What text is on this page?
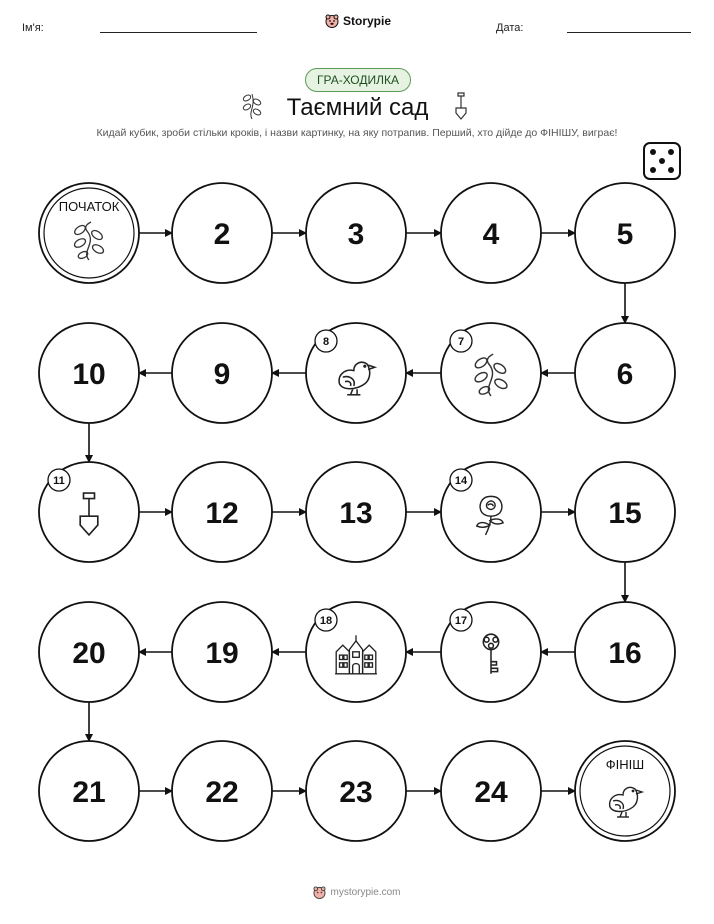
Ім'я:	Storypie	Дата:
ГРА-ХОДИЛКА
Таємний сад
Кидай кубик, зроби стільки кроків, і назви картинку, на яку потрапив. Перший, хто дійде до ФІНІШУ, виграє!
ПОЧАТОК
2	3	4	5
6
7
8
9
10
11
12	13
14
15
16
17
18
19
20
21	22	23	24
ФІНІШ
mystorypie.com
